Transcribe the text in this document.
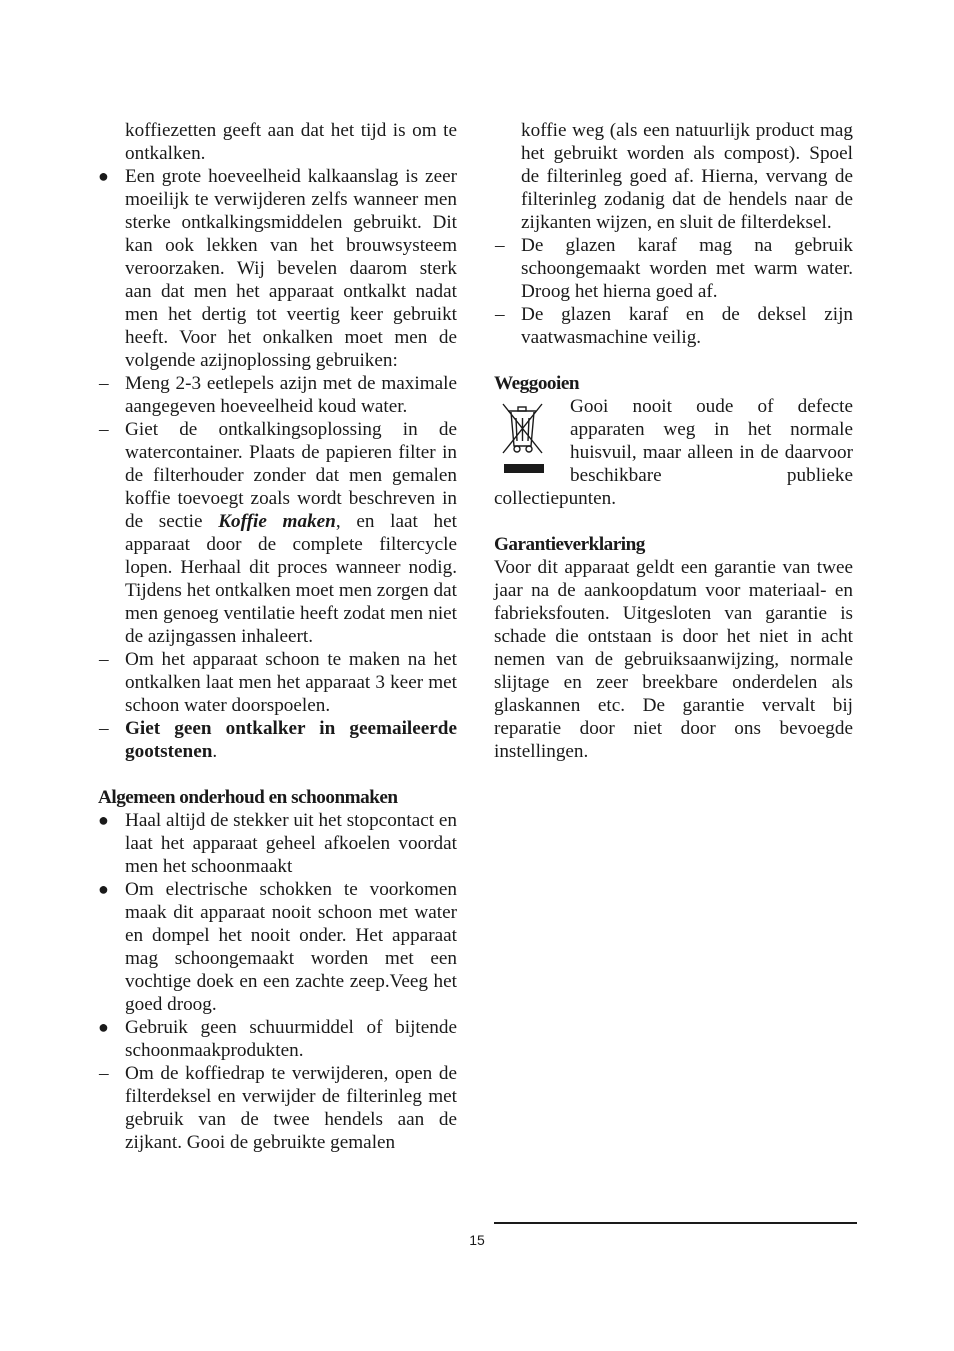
koffiezetten geeft aan dat het tijd is om te ontkalken.
● Een grote hoeveelheid kalkaanslag is zeer moeilijk te verwijderen zelfs wanneer men sterke ontkalkingsmiddelen gebruikt. Dit kan ook lekken van het brouwsysteem veroorzaken. Wij bevelen daarom sterk aan dat men het apparaat ontkalkt nadat men het dertig tot veertig keer gebruikt heeft. Voor het onkalken moet men de volgende azijnoplossing gebruiken:
– Meng 2-3 eetlepels azijn met de maximale aangegeven hoeveelheid koud water.
– Giet de ontkalkingsoplossing in de watercontainer. Plaats de papieren filter in de filterhouder zonder dat men gemalen koffie toevoegt zoals wordt beschreven in de sectie Koffie maken, en laat het apparaat door de complete filtercycle lopen. Herhaal dit proces wanneer nodig. Tijdens het ontkalken moet men zorgen dat men genoeg ventilatie heeft zodat men niet de azijngassen inhaleert.
– Om het apparaat schoon te maken na het ontkalken laat men het apparaat 3 keer met schoon water doorspoelen.
– Giet geen ontkalker in geemaileerde gootstenen.
Algemeen onderhoud en schoonmaken
● Haal altijd de stekker uit het stopcontact en laat het apparaat geheel afkoelen voordat men het schoonmaakt
● Om electrische schokken te voorkomen maak dit apparaat nooit schoon met water en dompel het nooit onder. Het apparaat mag schoongemaakt worden met een vochtige doek en een zachte zeep.Veeg het goed droog.
● Gebruik geen schuurmiddel of bijtende schoonmaakprodukten.
– Om de koffiedrap te verwijderen, open de filterdeksel en verwijder de filterinleg met gebruik van de twee hendels aan de zijkant. Gooi de gebruikte gemalen
koffie weg (als een natuurlijk product mag het gebruikt worden als compost). Spoel de filterinleg goed af. Hierna, vervang de filterinleg zodanig dat de hendels naar de zijkanten wijzen, en sluit de filterdeksel.
– De glazen karaf mag na gebruik schoongemaakt worden met warm water. Droog het hierna goed af.
– De glazen karaf en de deksel zijn vaatwasmachine veilig.
Weggooien
Gooi nooit oude of defecte apparaten weg in het normale huisvuil, maar alleen in de daarvoor beschikbare publieke collectiepunten.
Garantieverklaring
Voor dit apparaat geldt een garantie van twee jaar na de aankoopdatum voor materiaal- en fabrieksfouten. Uitgesloten van garantie is schade die ontstaan is door het niet in acht nemen van de gebruiksaanwijzing, normale slijtage en zeer breekbare onderdelen als glaskannen etc. De garantie vervalt bij reparatie door niet door ons bevoegde instellingen.
15
